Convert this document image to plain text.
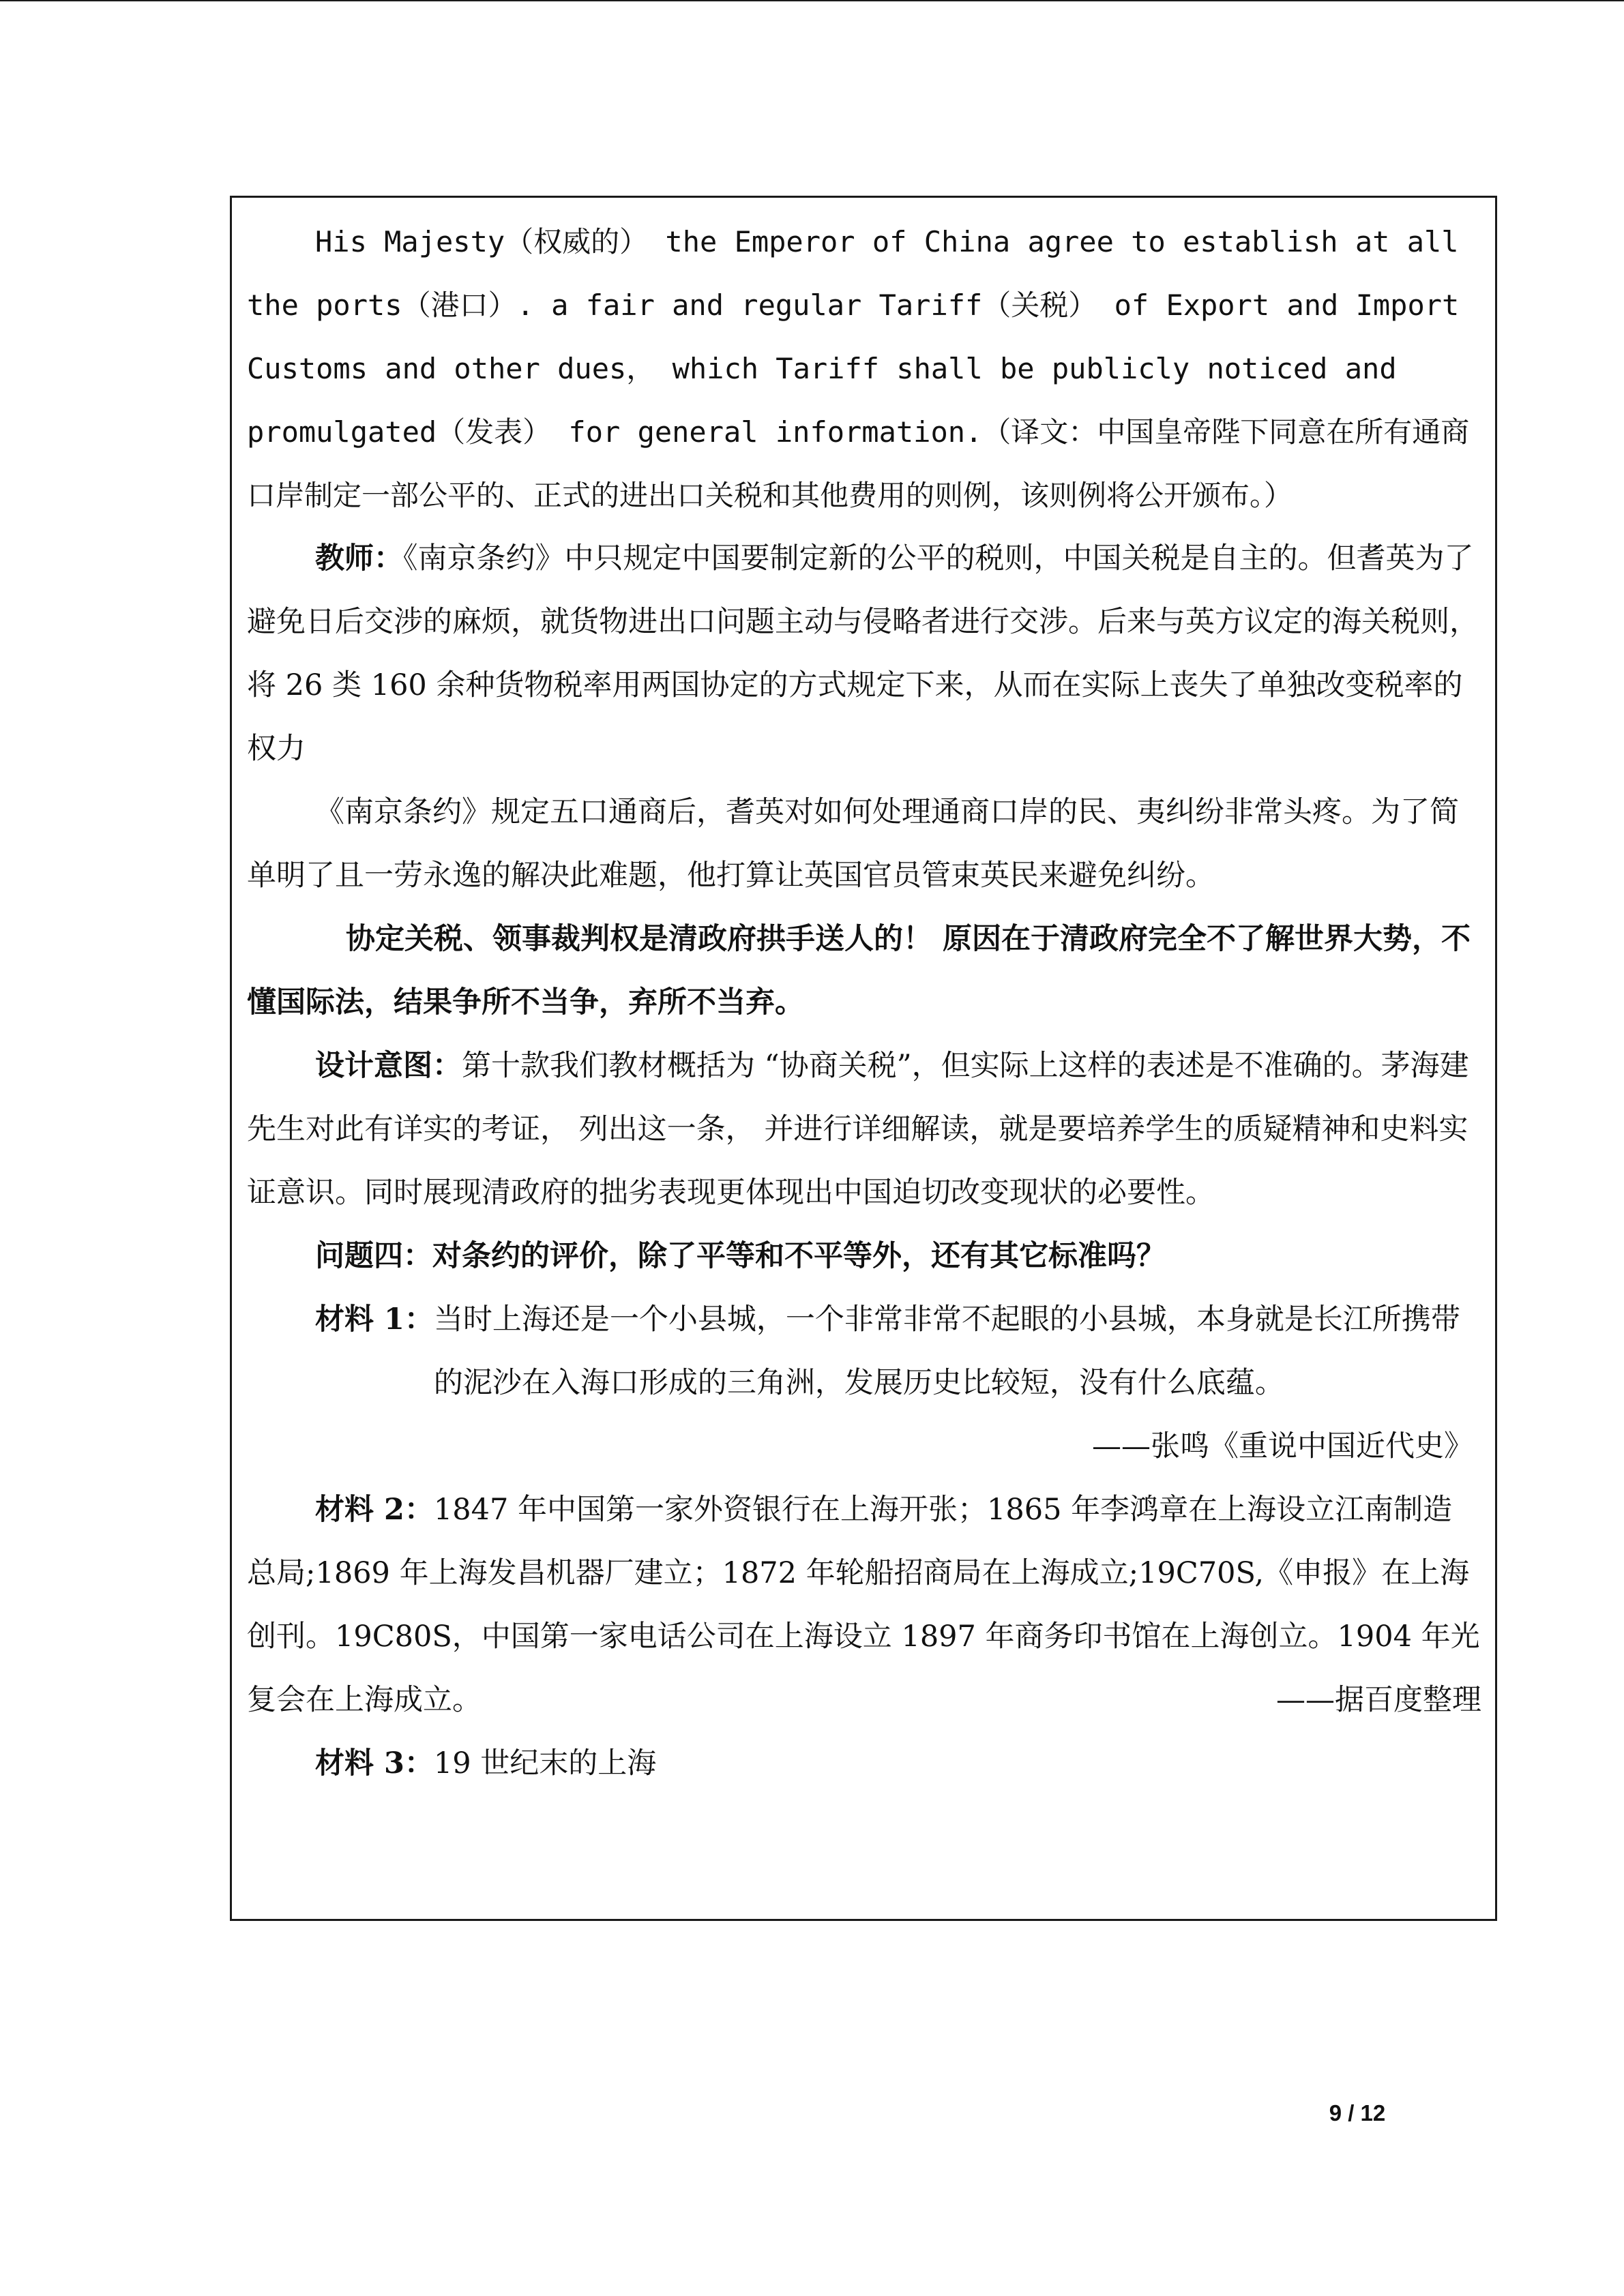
His Majesty（权威的） the Emperor of China agree to establish at all the ports（港口）. a fair and regular Tariff（关税） of Export and Import Customs and other dues， which Tariff shall be publicly noticed and promulgated（发表） for general information.（译文：中国皇帝陛下同意在所有通商口岸制定一部公平的、正式的进出口关税和其他费用的则例，该则例将公开颁布。）

教师：《南京条约》中只规定中国要制定新的公平的税则，中国关税是自主的。但耆英为了避免日后交涉的麻烦，就货物进出口问题主动与侵略者进行交涉。后来与英方议定的海关税则， 将 26 类 160 余种货物税率用两国协定的方式规定下来，从而在实际上丧失了单独改变税率的权力

《南京条约》规定五口通商后，耆英对如何处理通商口岸的民、夷纠纷非常头疼。为了简单明了且一劳永逸的解决此难题，他打算让英国官员管束英民来避免纠纷。

协定关税、领事裁判权是清政府拱手送人的！ 原因在于清政府完全不了解世界大势，不懂国际法，结果争所不当争，弃所不当弃。

设计意图：第十款我们教材概括为 “协商关税”，但实际上这样的表述是不准确的。茅海建先生对此有详实的考证， 列出这一条， 并进行详细解读，就是要培养学生的质疑精神和史料实证意识。同时展现清政府的拙劣表现更体现出中国迫切改变现状的必要性。

问题四：对条约的评价，除了平等和不平等外，还有其它标准吗？

材料 1： 当时上海还是一个小县城，一个非常非常不起眼的小县城，本身就是长江所携带的泥沙在入海口形成的三角洲，发展历史比较短，没有什么底蕴。

——张鸣《重说中国近代史》

材料 2：1847 年中国第一家外资银行在上海开张；1865 年李鸿章在上海设立江南制造总局;1869 年上海发昌机器厂建立；1872 年轮船招商局在上海成立;19C70S,《申报》在上海创刊。19C80S，中国第一家电话公司在上海设立 1897 年商务印书馆在上海创立。1904 年光复会在上海成立。	——据百度整理

材料 3：19 世纪末的上海

9 / 12
